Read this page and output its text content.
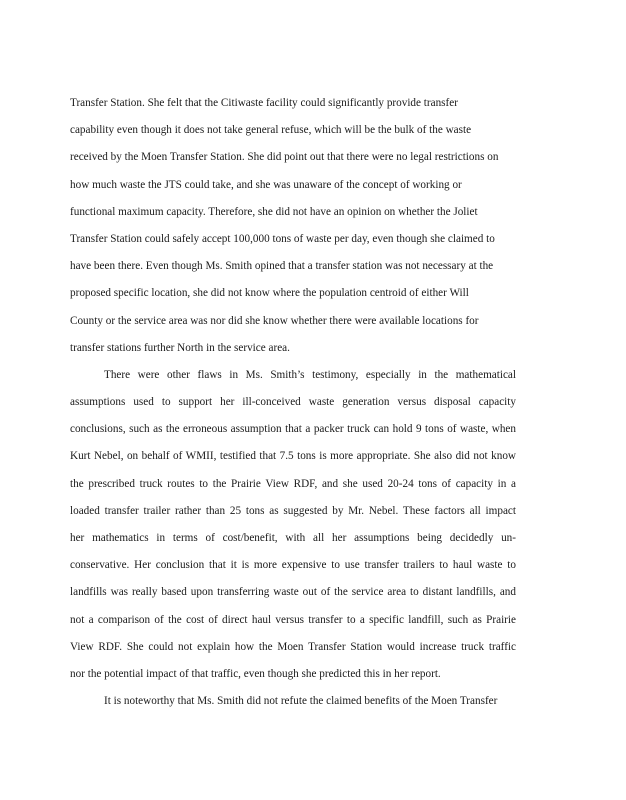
Transfer Station. She felt that the Citiwaste facility could significantly provide transfer
capability even though it does not take general refuse, which will be the bulk of the waste
received by the Moen Transfer Station. She did point out that there were no legal restrictions on
how much waste the JTS could take, and she was unaware of the concept of working or
functional maximum capacity. Therefore, she did not have an opinion on whether the Joliet
Transfer Station could safely accept 100,000 tons of waste per day, even though she claimed to
have been there. Even though Ms. Smith opined that a transfer station was not necessary at the
proposed specific location, she did not know where the population centroid of either Will
County or the service area was nor did she know whether there were available locations for
transfer stations further North in the service area.
There were other flaws in Ms. Smith’s testimony, especially in the mathematical
assumptions used to support her ill-conceived waste generation versus disposal capacity
conclusions, such as the erroneous assumption that a packer truck can hold 9 tons of waste, when
Kurt Nebel, on behalf of WMII, testified that 7.5 tons is more appropriate. She also did not know
the prescribed truck routes to the Prairie View RDF, and she used 20-24 tons of capacity in a
loaded transfer trailer rather than 25 tons as suggested by Mr. Nebel. These factors all impact
her mathematics in terms of cost/benefit, with all her assumptions being decidedly un-
conservative. Her conclusion that it is more expensive to use transfer trailers to haul waste to
landfills was really based upon transferring waste out of the service area to distant landfills, and
not a comparison of the cost of direct haul versus transfer to a specific landfill, such as Prairie
View RDF. She could not explain how the Moen Transfer Station would increase truck traffic
nor the potential impact of that traffic, even though she predicted this in her report.
It is noteworthy that Ms. Smith did not refute the claimed benefits of the Moen Transfer
